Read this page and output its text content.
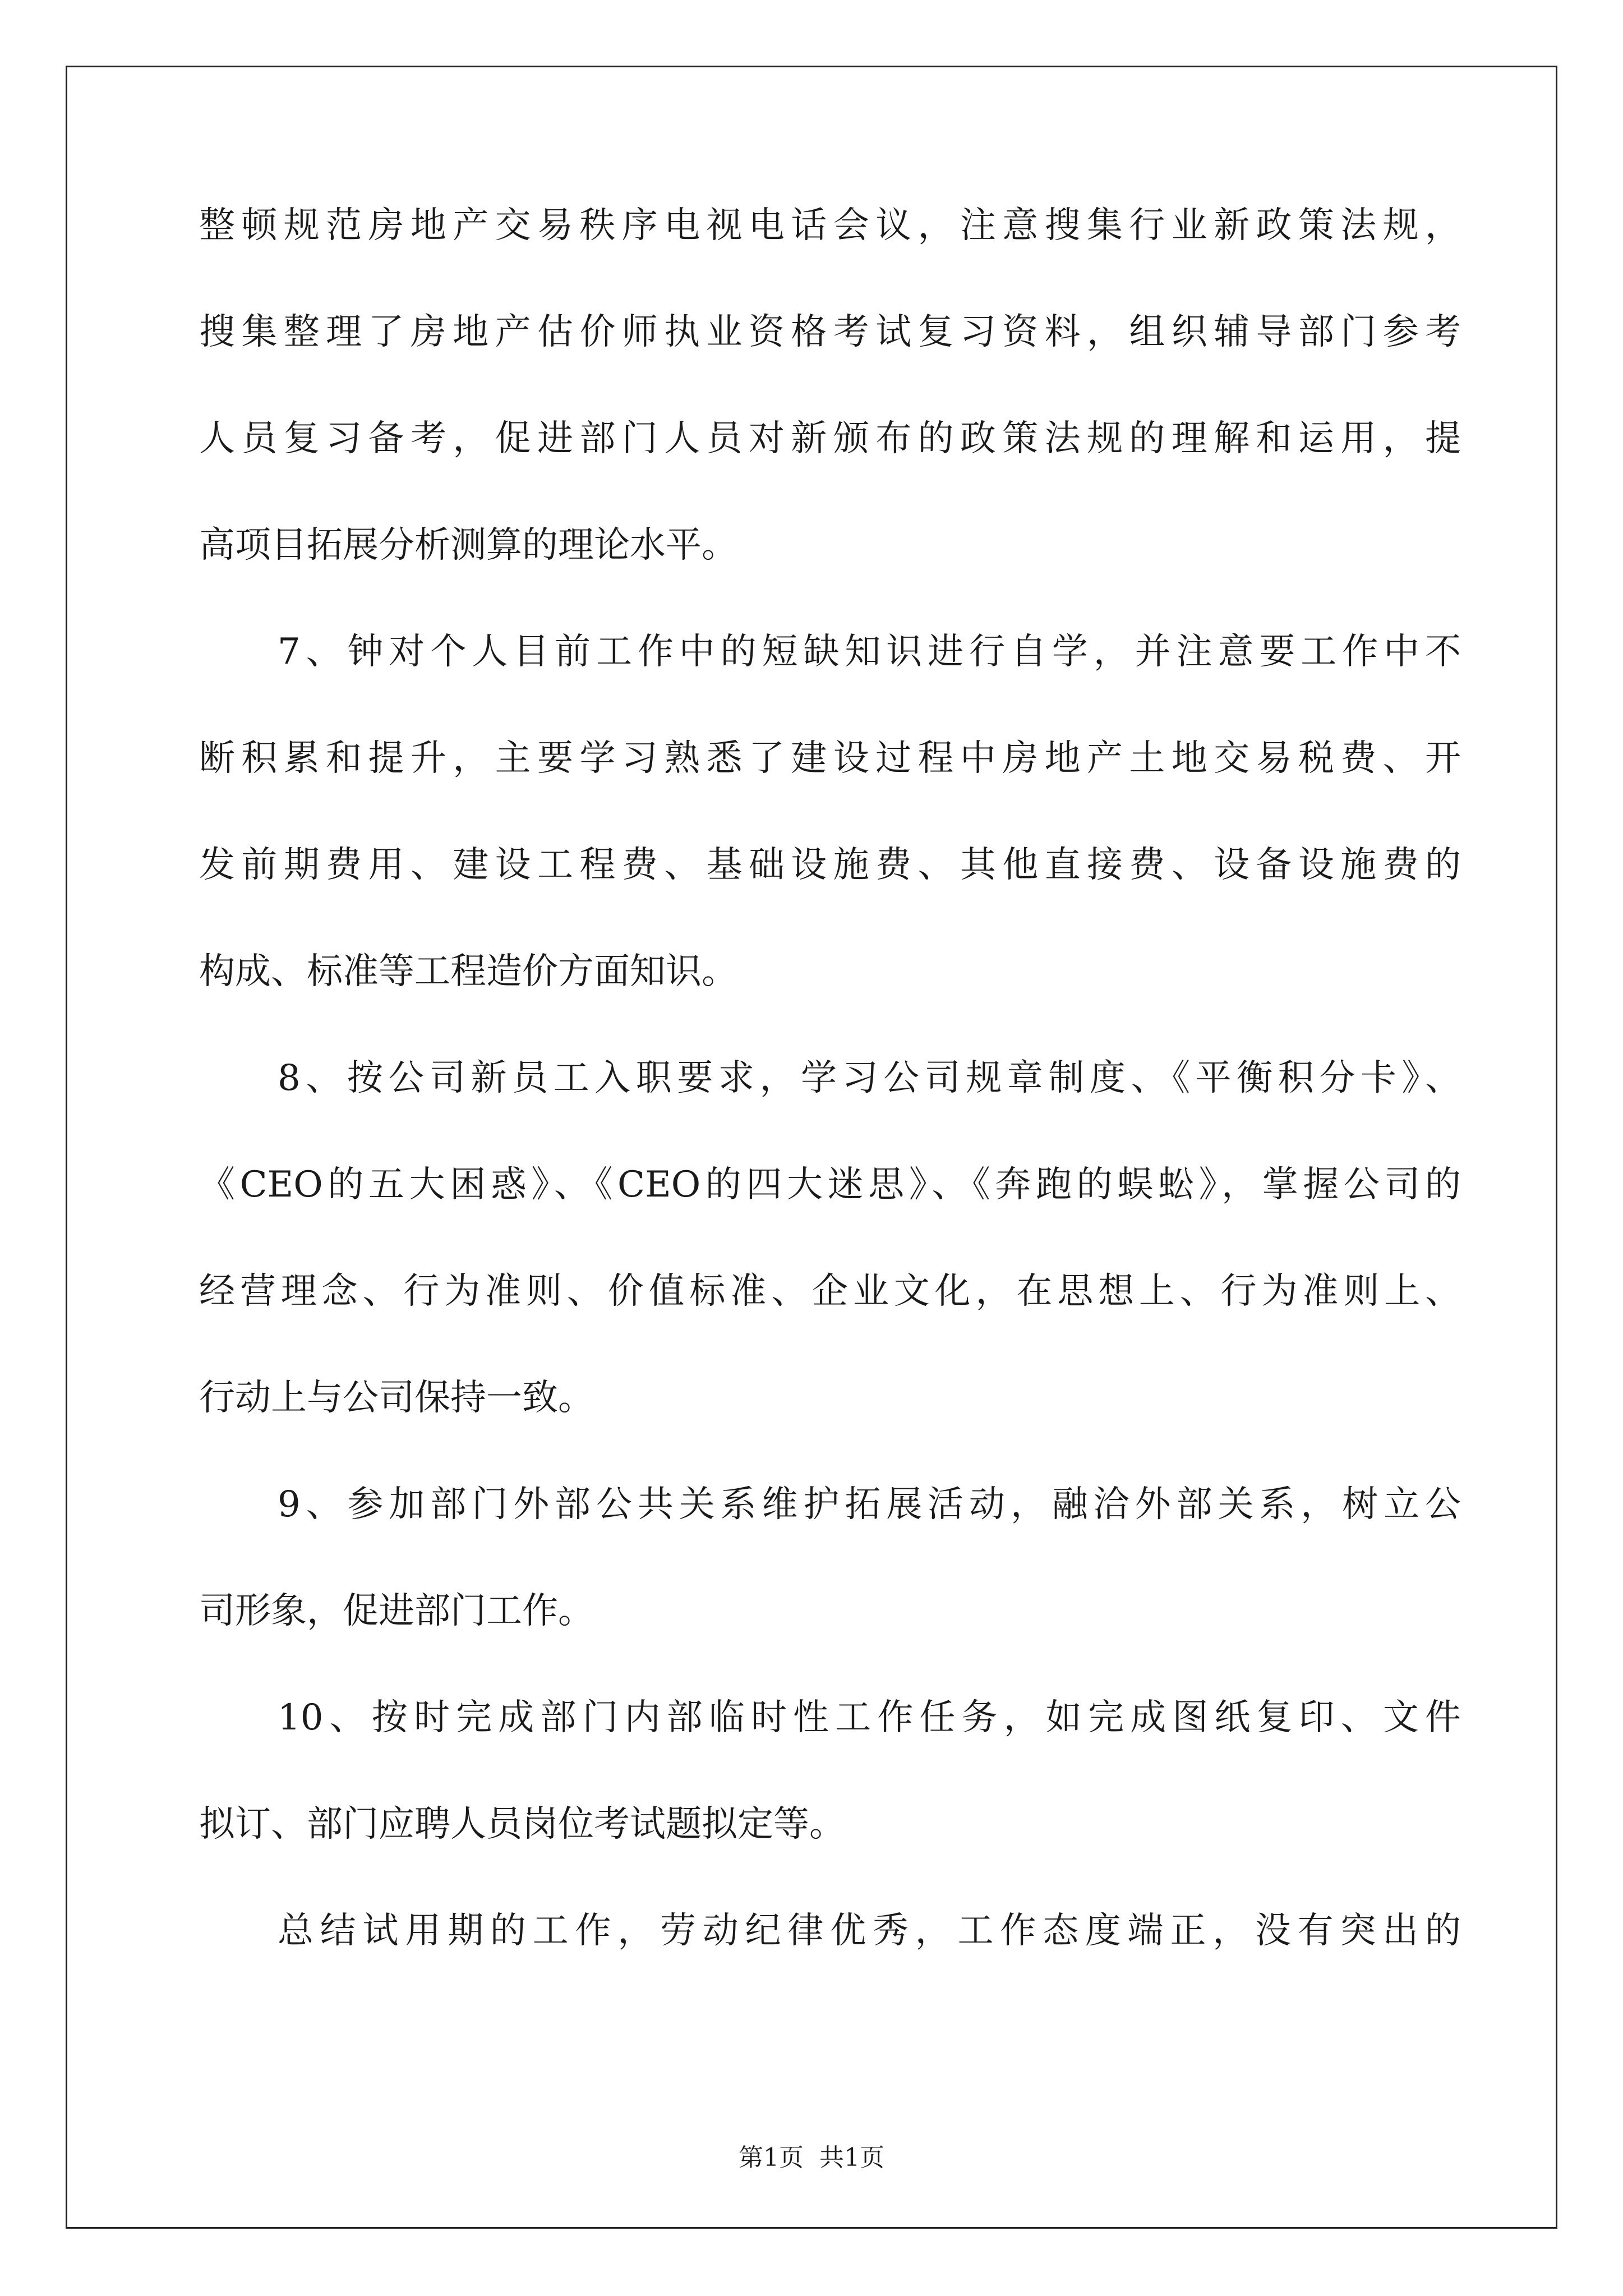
整顿规范房地产交易秩序电视电话会议，注意搜集行业新政策法规，
搜集整理了房地产估价师执业资格考试复习资料，组织辅导部门参考
人员复习备考，促进部门人员对新颁布的政策法规的理解和运用，提
高项目拓展分析测算的理论水平。
7、钟对个人目前工作中的短缺知识进行自学，并注意要工作中不
断积累和提升，主要学习熟悉了建设过程中房地产土地交易税费、开
发前期费用、建设工程费、基础设施费、其他直接费、设备设施费的
构成、标准等工程造价方面知识。
8、按公司新员工入职要求，学习公司规章制度、《平衡积分卡》、
《CEO的五大困惑》、《CEO的四大迷思》、《奔跑的蜈蚣》，掌握公司的
经营理念、行为准则、价值标准、企业文化，在思想上、行为准则上、
行动上与公司保持一致。
9、参加部门外部公共关系维护拓展活动，融洽外部关系，树立公
司形象，促进部门工作。
10、按时完成部门内部临时性工作任务，如完成图纸复印、文件
拟订、部门应聘人员岗位考试题拟定等。
总结试用期的工作，劳动纪律优秀，工作态度端正，没有突出的
第1页 共1页
